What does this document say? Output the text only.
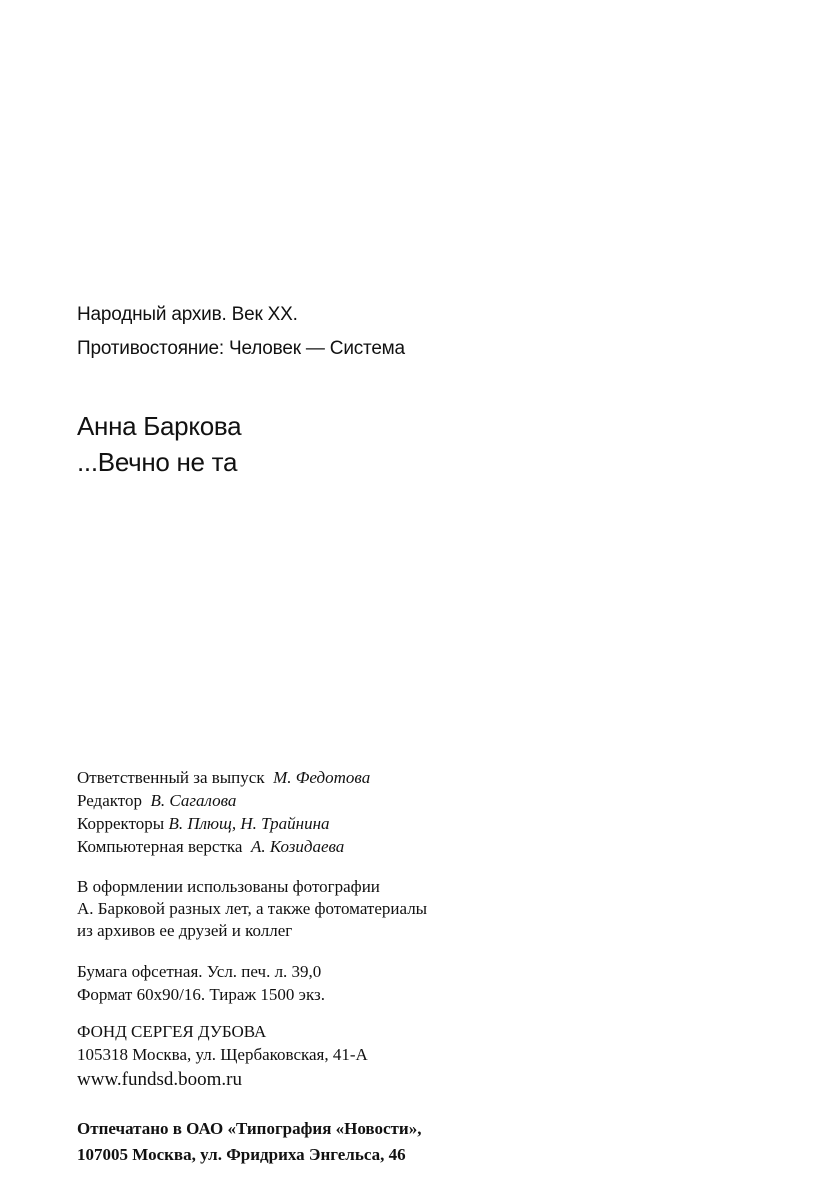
Народный архив. Век XX.
Противостояние: Человек — Система
Анна Баркова
...Вечно не та
Ответственный за выпуск М. Федотова
Редактор В. Сагалова
Корректоры В. Плющ, Н. Трайнина
Компьютерная верстка А. Козидаева
В оформлении использованы фотографии
А. Барковой разных лет, а также фотоматериалы
из архивов ее друзей и коллег
Бумага офсетная. Усл. печ. л. 39,0
Формат 60x90/16. Тираж 1500 экз.
ФОНД СЕРГЕЯ ДУБОВА
105318 Москва, ул. Щербаковская, 41-А
www.fundsd.boom.ru
Отпечатано в ОАО «Типография «Новости»,
107005 Москва, ул. Фридриха Энгельса, 46
